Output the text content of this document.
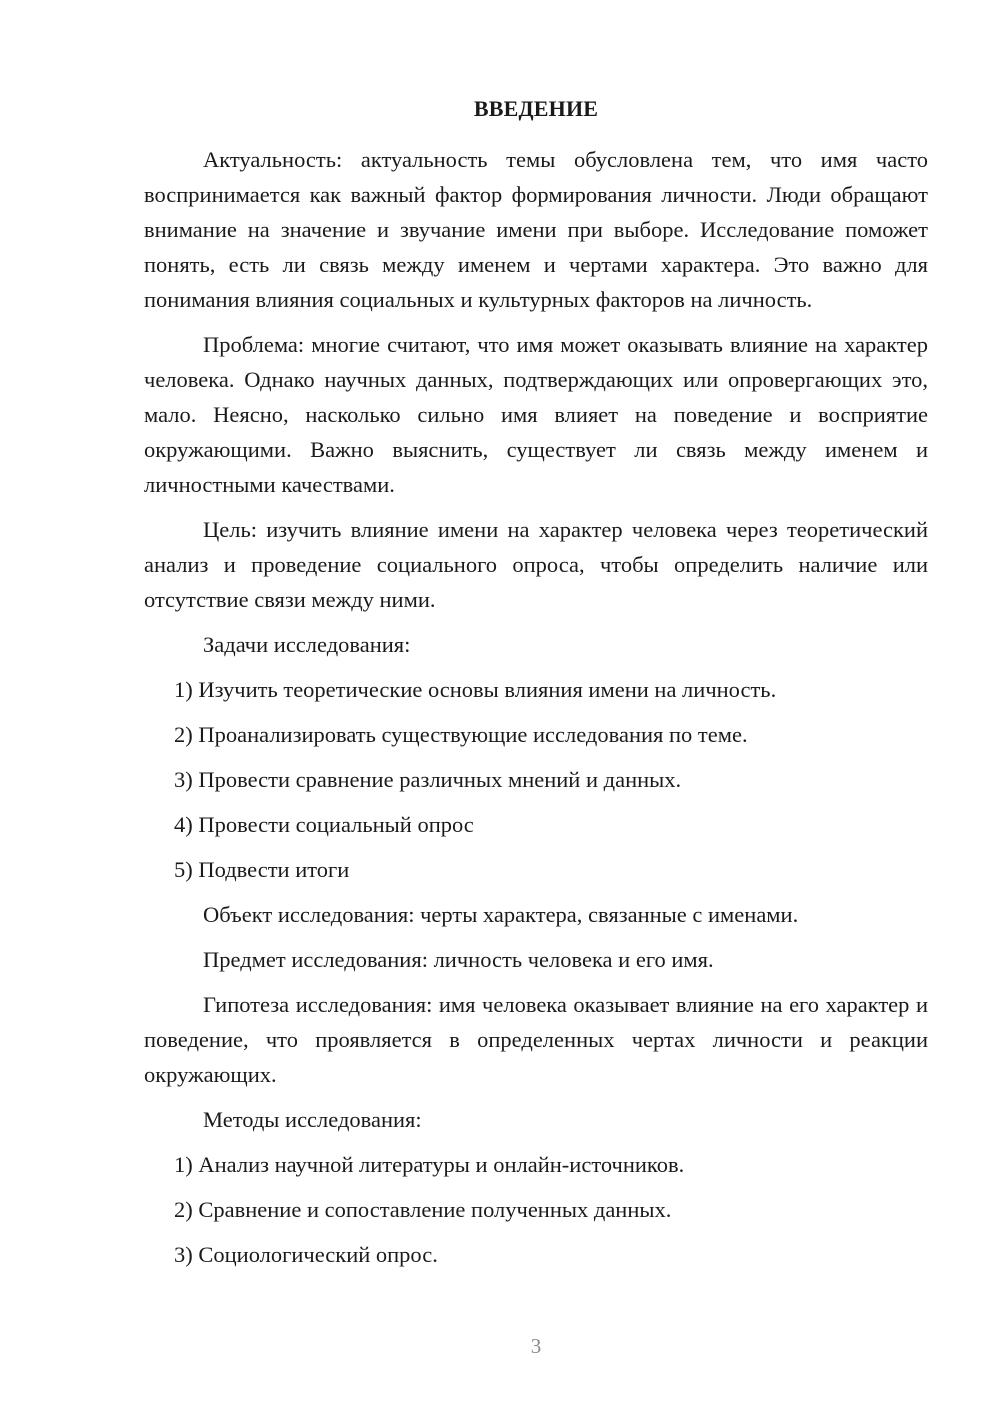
ВВЕДЕНИЕ

Актуальность: актуальность темы обусловлена тем, что имя часто воспринимается как важный фактор формирования личности. Люди обращают внимание на значение и звучание имени при выборе. Исследование поможет понять, есть ли связь между именем и чертами характера. Это важно для понимания влияния социальных и культурных факторов на личность.

Проблема: многие считают, что имя может оказывать влияние на характер человека. Однако научных данных, подтверждающих или опровергающих это, мало. Неясно, насколько сильно имя влияет на поведение и восприятие окружающими. Важно выяснить, существует ли связь между именем и личностными качествами.

Цель: изучить влияние имени на характер человека через теоретический анализ и проведение социального опроса, чтобы определить наличие или отсутствие связи между ними.

Задачи исследования:

1) Изучить теоретические основы влияния имени на личность.

2) Проанализировать существующие исследования по теме.

3) Провести сравнение различных мнений и данных.

4) Провести социальный опрос

5) Подвести итоги

Объект исследования: черты характера, связанные с именами.

Предмет исследования: личность человека и его имя.

Гипотеза исследования: имя человека оказывает влияние на его характер и поведение, что проявляется в определенных чертах личности и реакции окружающих.

Методы исследования:

1) Анализ научной литературы и онлайн-источников.

2) Сравнение и сопоставление полученных данных.

3) Социологический опрос.

3
